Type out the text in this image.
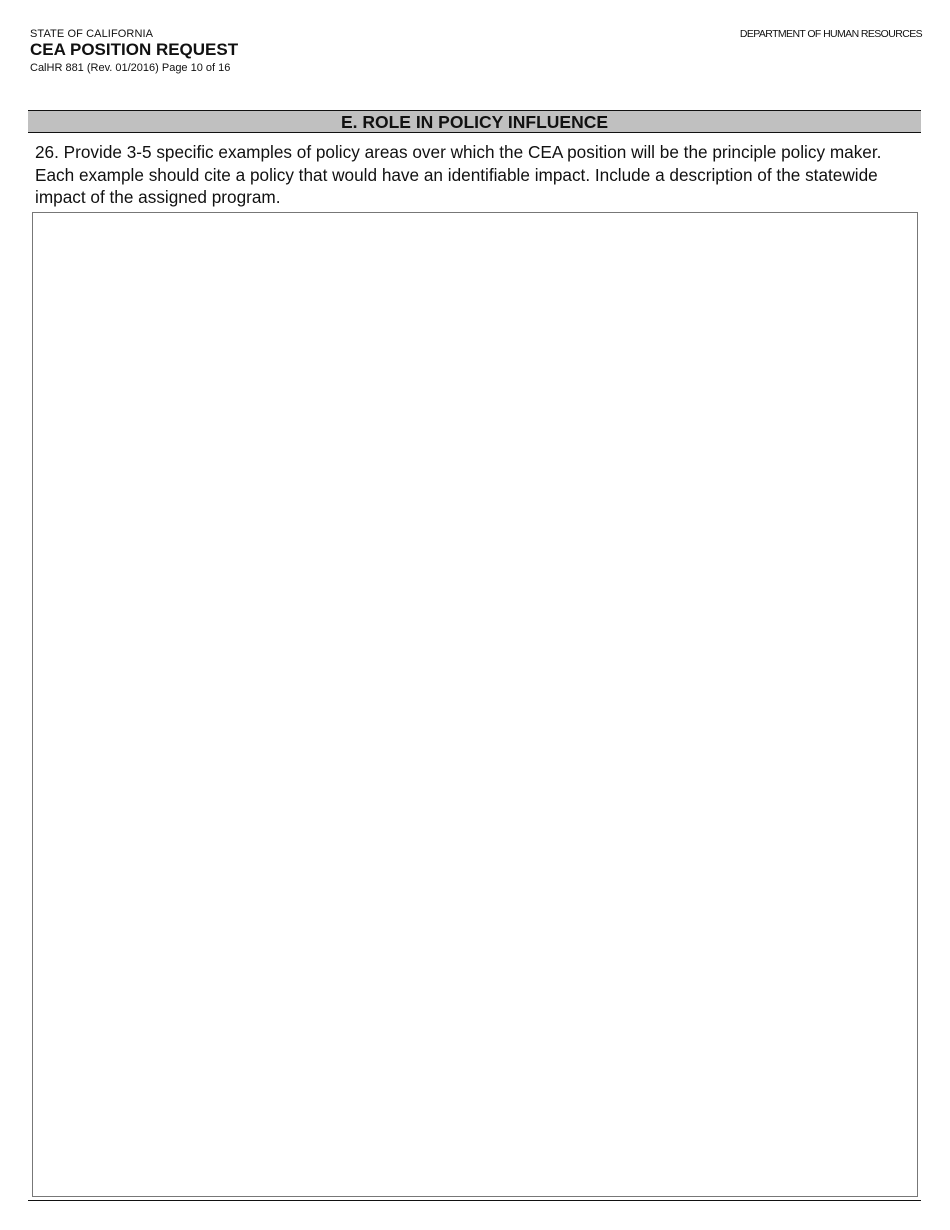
STATE OF CALIFORNIA
CEA POSITION REQUEST
CalHR 881 (Rev. 01/2016) Page 10 of 16
DEPARTMENT OF HUMAN RESOURCES
E. ROLE IN POLICY INFLUENCE
26. Provide 3-5 specific examples of policy areas over which the CEA position will be the principle policy maker. Each example should cite a policy that would have an identifiable impact. Include a description of the statewide impact of the assigned program.
